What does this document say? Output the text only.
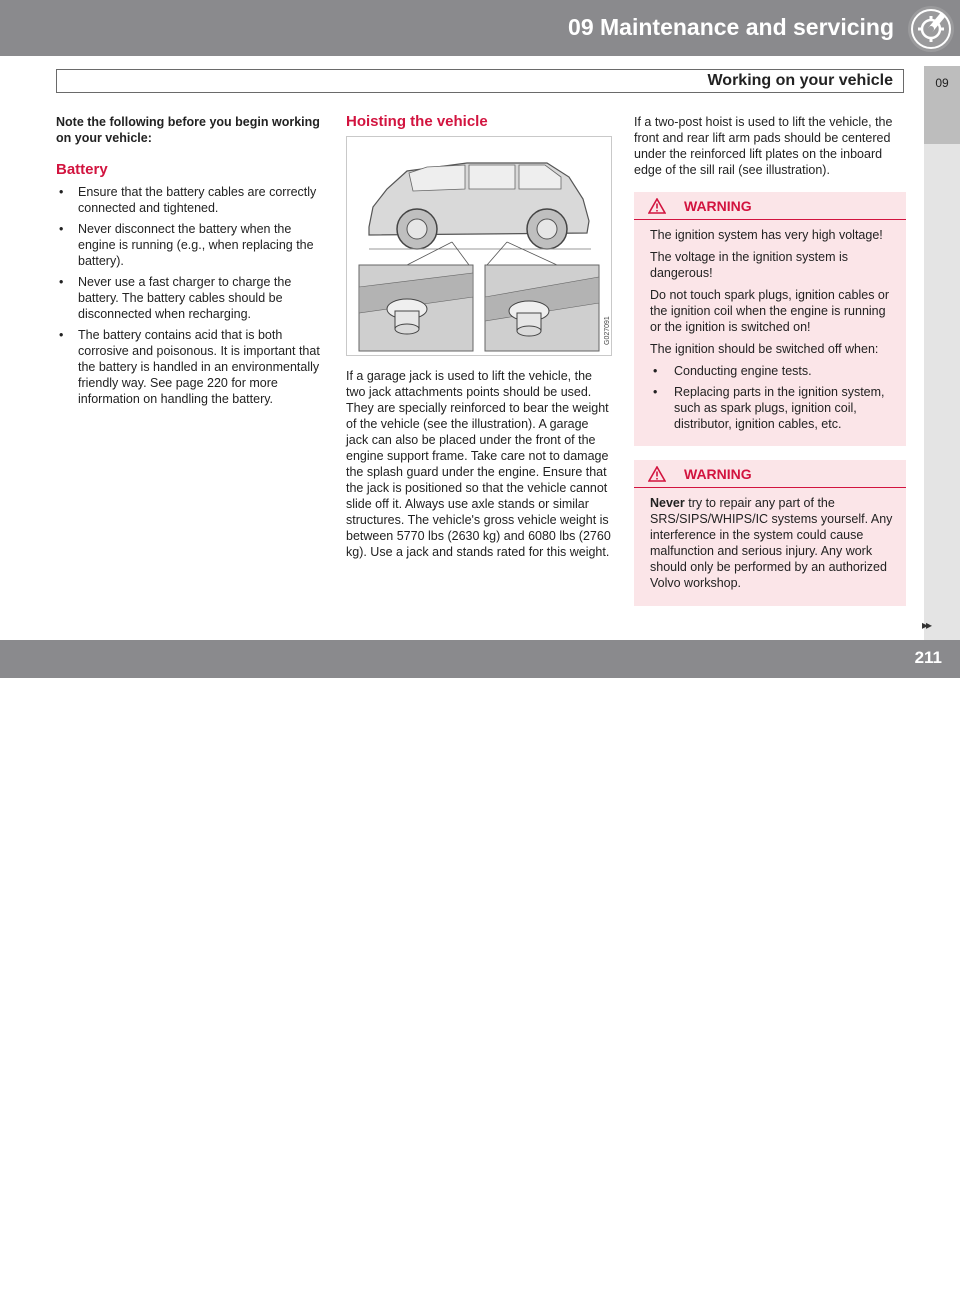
09 Maintenance and servicing
09
Working on your vehicle

Note the following before you begin working on your vehicle:

Battery
• Ensure that the battery cables are correctly connected and tightened.
• Never disconnect the battery when the engine is running (e.g., when replacing the battery).
• Never use a fast charger to charge the battery. The battery cables should be disconnected when recharging.
• The battery contains acid that is both corrosive and poisonous. It is important that the battery is handled in an environmentally friendly way. See page 220 for more information on handling the battery.
Hoisting the vehicle
G027091

If a garage jack is used to lift the vehicle, the two jack attachments points should be used. They are specially reinforced to bear the weight of the vehicle (see the illustration). A garage jack can also be placed under the front of the engine support frame. Take care not to damage the splash guard under the engine. Ensure that the jack is positioned so that the vehicle cannot slide off it. Always use axle stands or similar structures. The vehicle's gross vehicle weight is between 5770 lbs (2630 kg) and 6080 lbs (2760 kg). Use a jack and stands rated for this weight.

If a two-post hoist is used to lift the vehicle, the front and rear lift arm pads should be centered under the reinforced lift plates on the inboard edge of the sill rail (see illustration).

WARNING

The ignition system has very high voltage!

The voltage in the ignition system is dangerous!

Do not touch spark plugs, ignition cables or the ignition coil when the engine is running or the ignition is switched on!

The ignition should be switched off when:

• Conducting engine tests.
• Replacing parts in the ignition system, such as spark plugs, ignition coil, distributor, ignition cables, etc.
WARNING

Never try to repair any part of the SRS/SIPS/WHIPS/IC systems yourself. Any interference in the system could cause malfunction and serious injury. Any work should only be performed by an authorized Volvo workshop.

▸▸
carmanualsonline.info
211
